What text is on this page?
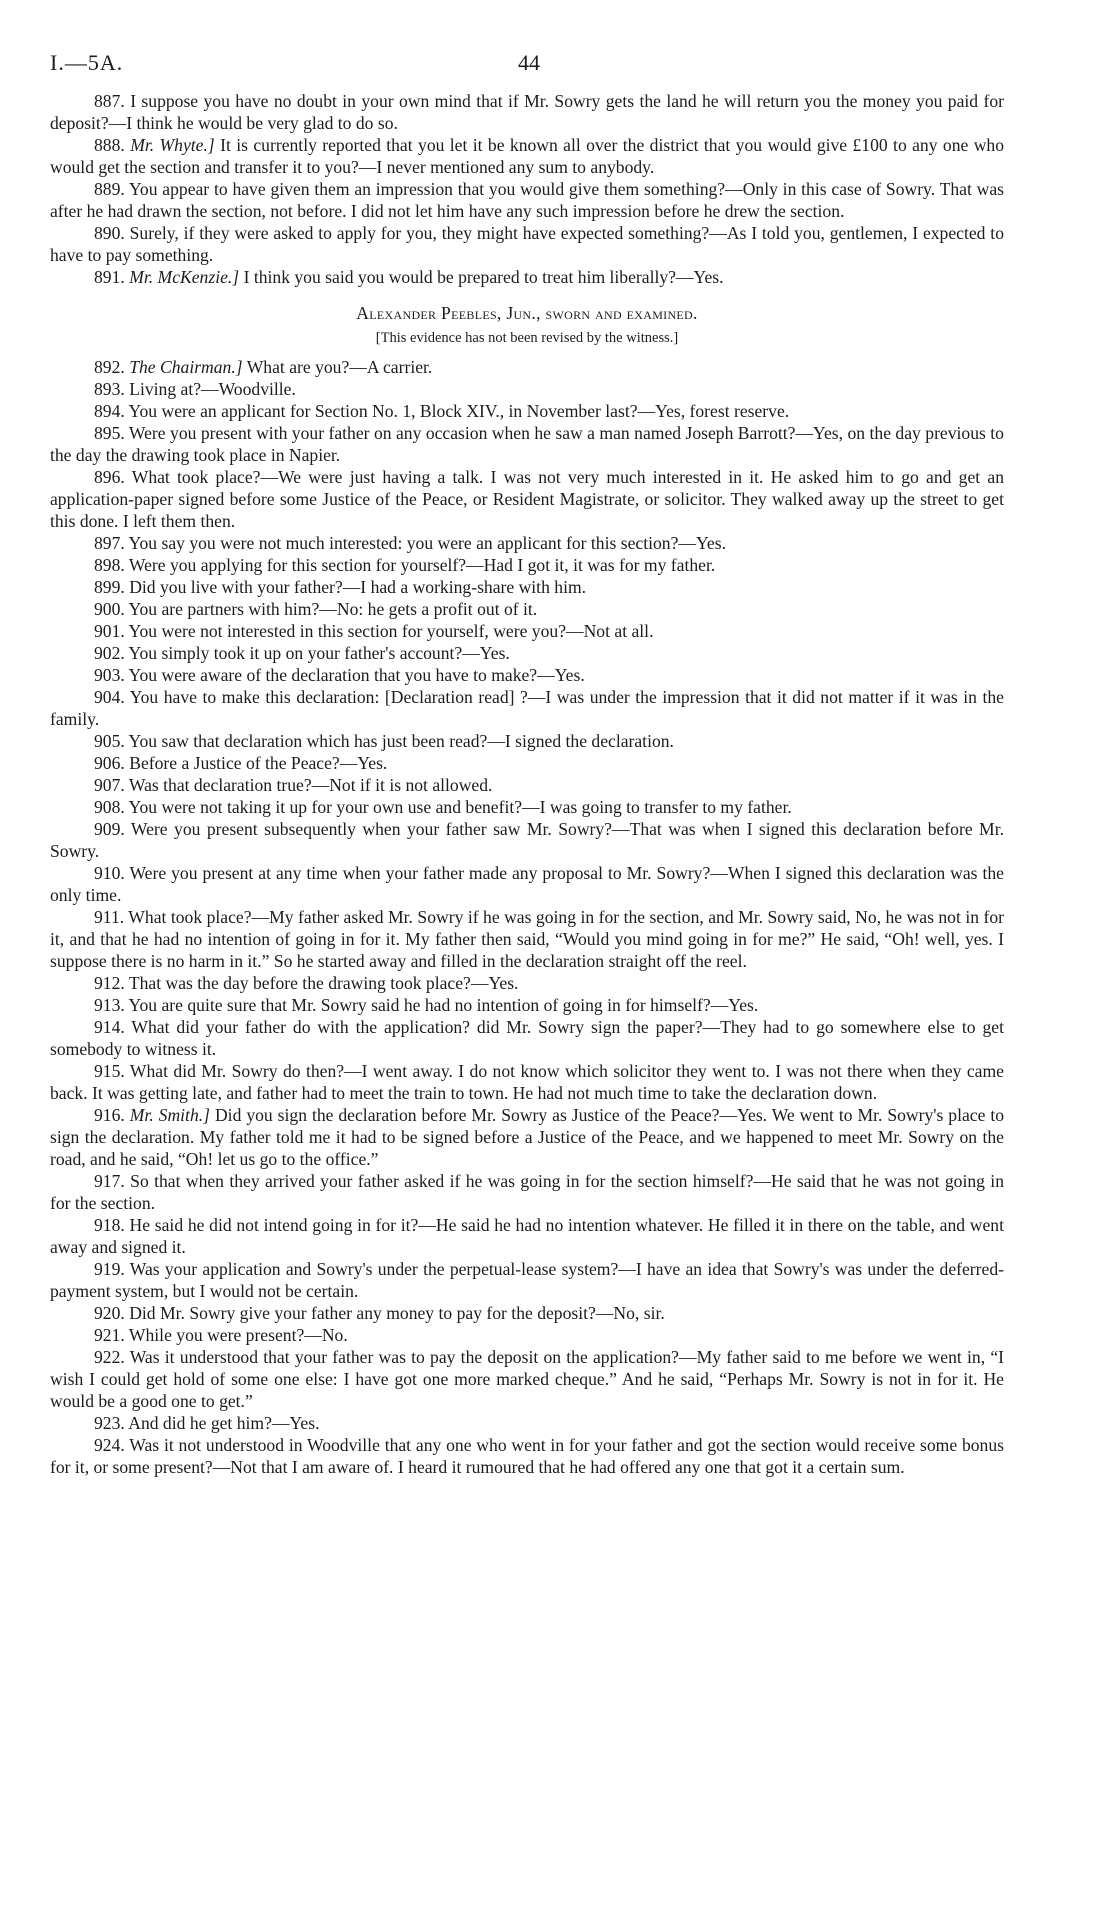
I.—5A.	44

887. I suppose you have no doubt in your own mind that if Mr. Sowry gets the land he will return you the money you paid for deposit?—I think he would be very glad to do so.

888. Mr. Whyte.] It is currently reported that you let it be known all over the district that you would give £100 to any one who would get the section and transfer it to you?—I never mentioned any sum to anybody.

889. You appear to have given them an impression that you would give them something?—Only in this case of Sowry. That was after he had drawn the section, not before. I did not let him have any such impression before he drew the section.

890. Surely, if they were asked to apply for you, they might have expected something?—As I told you, gentlemen, I expected to have to pay something.

891. Mr. McKenzie.] I think you said you would be prepared to treat him liberally?—Yes.

Alexander Peebles, Jun., sworn and examined.
[This evidence has not been revised by the witness.]

892. The Chairman.] What are you?—A carrier.

893. Living at?—Woodville.

894. You were an applicant for Section No. 1, Block XIV., in November last?—Yes, forest reserve.

895. Were you present with your father on any occasion when he saw a man named Joseph Barrott?—Yes, on the day previous to the day the drawing took place in Napier.

896. What took place?—We were just having a talk. I was not very much interested in it. He asked him to go and get an application-paper signed before some Justice of the Peace, or Resident Magistrate, or solicitor. They walked away up the street to get this done. I left them then.

897. You say you were not much interested: you were an applicant for this section?—Yes.

898. Were you applying for this section for yourself?—Had I got it, it was for my father.

899. Did you live with your father?—I had a working-share with him.

900. You are partners with him?—No: he gets a profit out of it.

901. You were not interested in this section for yourself, were you?—Not at all.

902. You simply took it up on your father's account?—Yes.

903. You were aware of the declaration that you have to make?—Yes.

904. You have to make this declaration: [Declaration read] ?—I was under the impression that it did not matter if it was in the family.

905. You saw that declaration which has just been read?—I signed the declaration.

906. Before a Justice of the Peace?—Yes.

907. Was that declaration true?—Not if it is not allowed.

908. You were not taking it up for your own use and benefit?—I was going to transfer to my father.

909. Were you present subsequently when your father saw Mr. Sowry?—That was when I signed this declaration before Mr. Sowry.

910. Were you present at any time when your father made any proposal to Mr. Sowry?—When I signed this declaration was the only time.

911. What took place?—My father asked Mr. Sowry if he was going in for the section, and Mr. Sowry said, No, he was not in for it, and that he had no intention of going in for it. My father then said, “Would you mind going in for me?” He said, “Oh! well, yes. I suppose there is no harm in it.” So he started away and filled in the declaration straight off the reel.

912. That was the day before the drawing took place?—Yes.

913. You are quite sure that Mr. Sowry said he had no intention of going in for himself?—Yes.

914. What did your father do with the application? did Mr. Sowry sign the paper?—They had to go somewhere else to get somebody to witness it.

915. What did Mr. Sowry do then?—I went away. I do not know which solicitor they went to. I was not there when they came back. It was getting late, and father had to meet the train to town. He had not much time to take the declaration down.

916. Mr. Smith.] Did you sign the declaration before Mr. Sowry as Justice of the Peace?—Yes. We went to Mr. Sowry's place to sign the declaration. My father told me it had to be signed before a Justice of the Peace, and we happened to meet Mr. Sowry on the road, and he said, “Oh! let us go to the office.”

917. So that when they arrived your father asked if he was going in for the section himself?—He said that he was not going in for the section.

918. He said he did not intend going in for it?—He said he had no intention whatever. He filled it in there on the table, and went away and signed it.

919. Was your application and Sowry's under the perpetual-lease system?—I have an idea that Sowry's was under the deferred-payment system, but I would not be certain.

920. Did Mr. Sowry give your father any money to pay for the deposit?—No, sir.

921. While you were present?—No.

922. Was it understood that your father was to pay the deposit on the application?—My father said to me before we went in, “I wish I could get hold of some one else: I have got one more marked cheque.” And he said, “Perhaps Mr. Sowry is not in for it. He would be a good one to get.”

923. And did he get him?—Yes.

924. Was it not understood in Woodville that any one who went in for your father and got the section would receive some bonus for it, or some present?—Not that I am aware of. I heard it rumoured that he had offered any one that got it a certain sum.
